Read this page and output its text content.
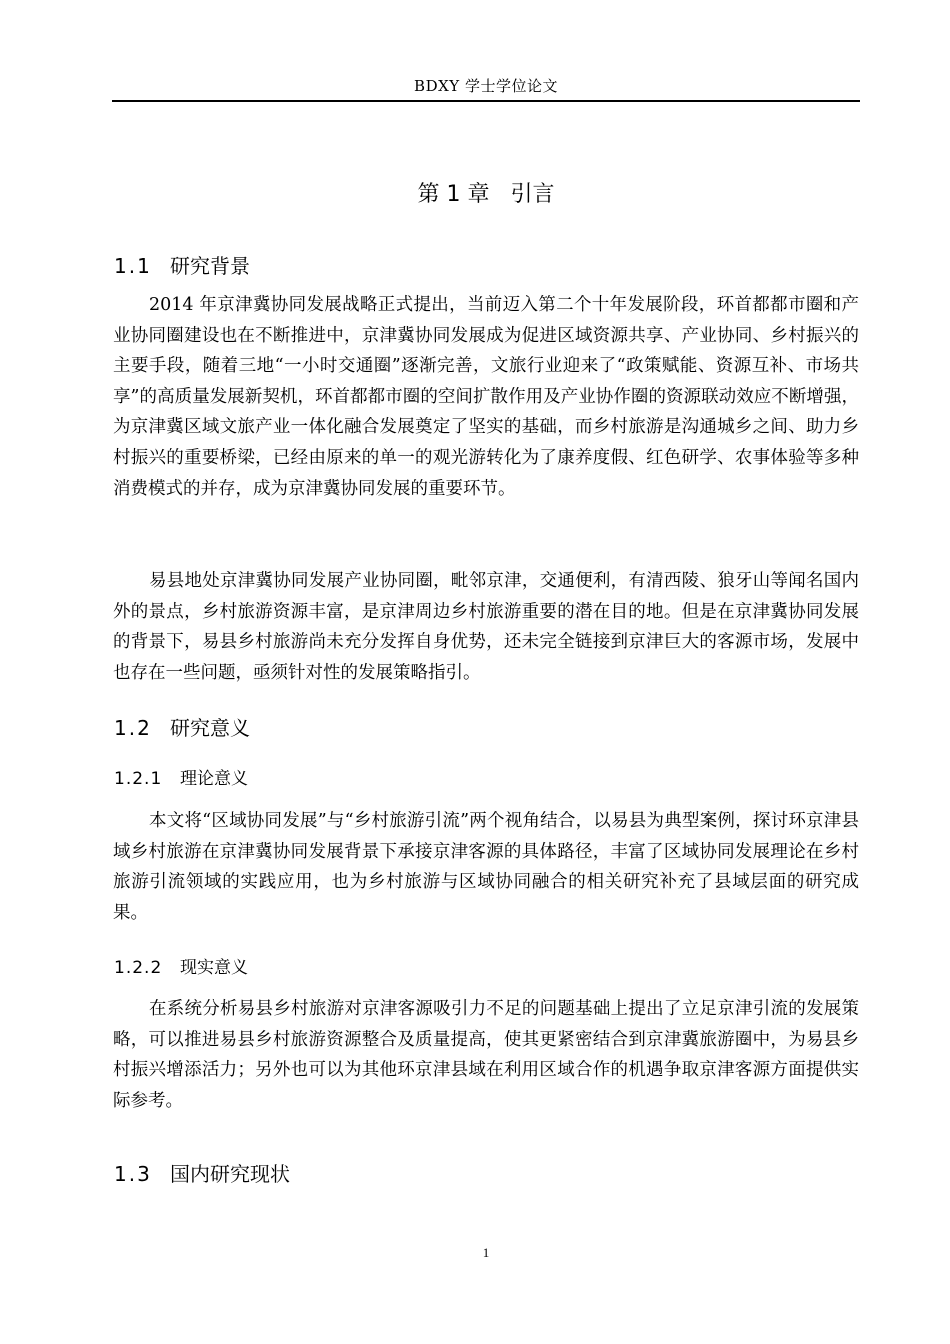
BDXY 学士学位论文
第 1 章   引言
1.1 研究背景

2014 年京津冀协同发展战略正式提出，当前迈入第二个十年发展阶段，环首都都市圈和产业协同圈建设也在不断推进中，京津冀协同发展成为促进区域资源共享、产业协同、乡村振兴的主要手段，随着三地“一小时交通圈”逐渐完善，文旅行业迎来了“政策赋能、资源互补、市场共享”的高质量发展新契机，环首都都市圈的空间扩散作用及产业协作圈的资源联动效应不断增强，为京津冀区域文旅产业一体化融合发展奠定了坚实的基础，而乡村旅游是沟通城乡之间、助力乡村振兴的重要桥梁，已经由原来的单一的观光游转化为了康养度假、红色研学、农事体验等多种消费模式的并存，成为京津冀协同发展的重要环节。

易县地处京津冀协同发展产业协同圈，毗邻京津，交通便利，有清西陵、狼牙山等闻名国内外的景点，乡村旅游资源丰富，是京津周边乡村旅游重要的潜在目的地。但是在京津冀协同发展的背景下，易县乡村旅游尚未充分发挥自身优势，还未完全链接到京津巨大的客源市场，发展中也存在一些问题，亟须针对性的发展策略指引。

1.2 研究意义
1.2.1 理论意义

本文将“区域协同发展”与“乡村旅游引流”两个视角结合，以易县为典型案例，探讨环京津县域乡村旅游在京津冀协同发展背景下承接京津客源的具体路径，丰富了区域协同发展理论在乡村旅游引流领域的实践应用，也为乡村旅游与区域协同融合的相关研究补充了县域层面的研究成果。

1.2.2 现实意义

在系统分析易县乡村旅游对京津客源吸引力不足的问题基础上提出了立足京津引流的发展策略，可以推进易县乡村旅游资源整合及质量提高，使其更紧密结合到京津冀旅游圈中，为易县乡村振兴增添活力；另外也可以为其他环京津县域在利用区域合作的机遇争取京津客源方面提供实际参考。

1.3 国内研究现状
1
